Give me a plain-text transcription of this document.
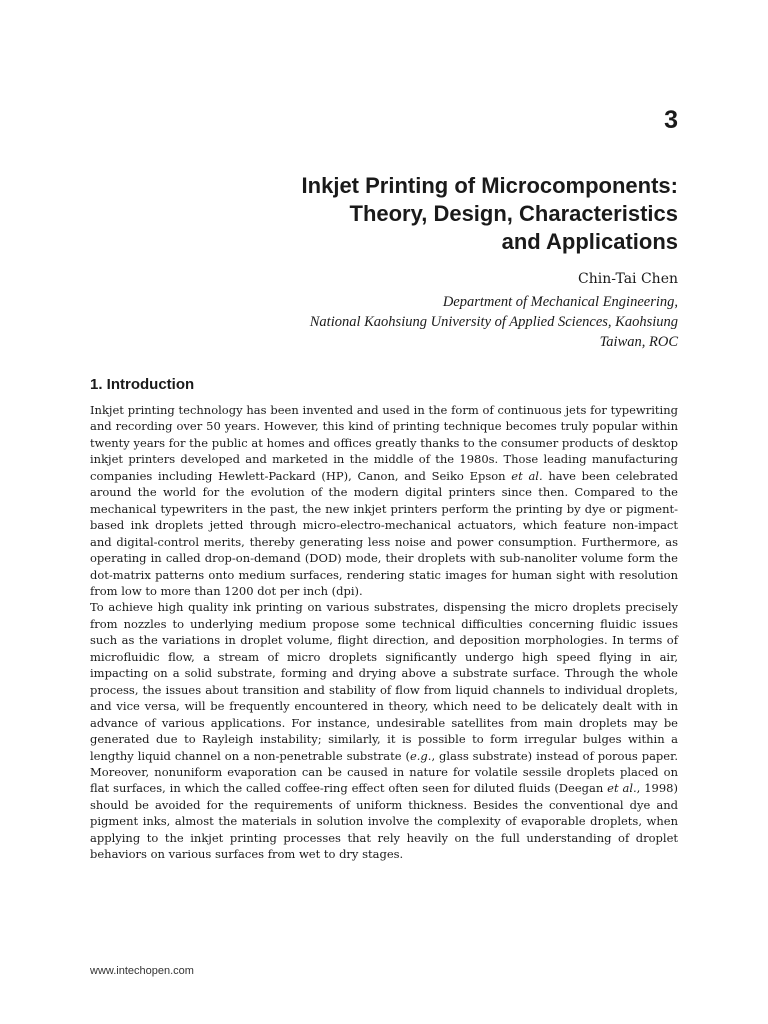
3
Inkjet Printing of Microcomponents:
Theory, Design, Characteristics
and Applications
Chin-Tai Chen
Department of Mechanical Engineering,
National Kaohsiung University of Applied Sciences, Kaohsiung
Taiwan, ROC
1. Introduction

Inkjet printing technology has been invented and used in the form of continuous jets for typewriting and recording over 50 years. However, this kind of printing technique becomes truly popular within twenty years for the public at homes and offices greatly thanks to the consumer products of desktop inkjet printers developed and marketed in the middle of the 1980s. Those leading manufacturing companies including Hewlett-Packard (HP), Canon, and Seiko Epson et al. have been celebrated around the world for the evolution of the modern digital printers since then. Compared to the mechanical typewriters in the past, the new inkjet printers perform the printing by dye or pigment-based ink droplets jetted through micro-electro-mechanical actuators, which feature non-impact and digital-control merits, thereby generating less noise and power consumption. Furthermore, as operating in called drop-on-demand (DOD) mode, their droplets with sub-nanoliter volume form the dot-matrix patterns onto medium surfaces, rendering static images for human sight with resolution from low to more than 1200 dot per inch (dpi).

To achieve high quality ink printing on various substrates, dispensing the micro droplets precisely from nozzles to underlying medium propose some technical difficulties concerning fluidic issues such as the variations in droplet volume, flight direction, and deposition morphologies. In terms of microfluidic flow, a stream of micro droplets significantly undergo high speed flying in air, impacting on a solid substrate, forming and drying above a substrate surface. Through the whole process, the issues about transition and stability of flow from liquid channels to individual droplets, and vice versa, will be frequently encountered in theory, which need to be delicately dealt with in advance of various applications. For instance, undesirable satellites from main droplets may be generated due to Rayleigh instability; similarly, it is possible to form irregular bulges within a lengthy liquid channel on a non-penetrable substrate (e.g., glass substrate) instead of porous paper. Moreover, nonuniform evaporation can be caused in nature for volatile sessile droplets placed on flat surfaces, in which the called coffee-ring effect often seen for diluted fluids (Deegan et al., 1998) should be avoided for the requirements of uniform thickness. Besides the conventional dye and pigment inks, almost the materials in solution involve the complexity of evaporable droplets, when applying to the inkjet printing processes that rely heavily on the full understanding of droplet behaviors on various surfaces from wet to dry stages.

www.intechopen.com
